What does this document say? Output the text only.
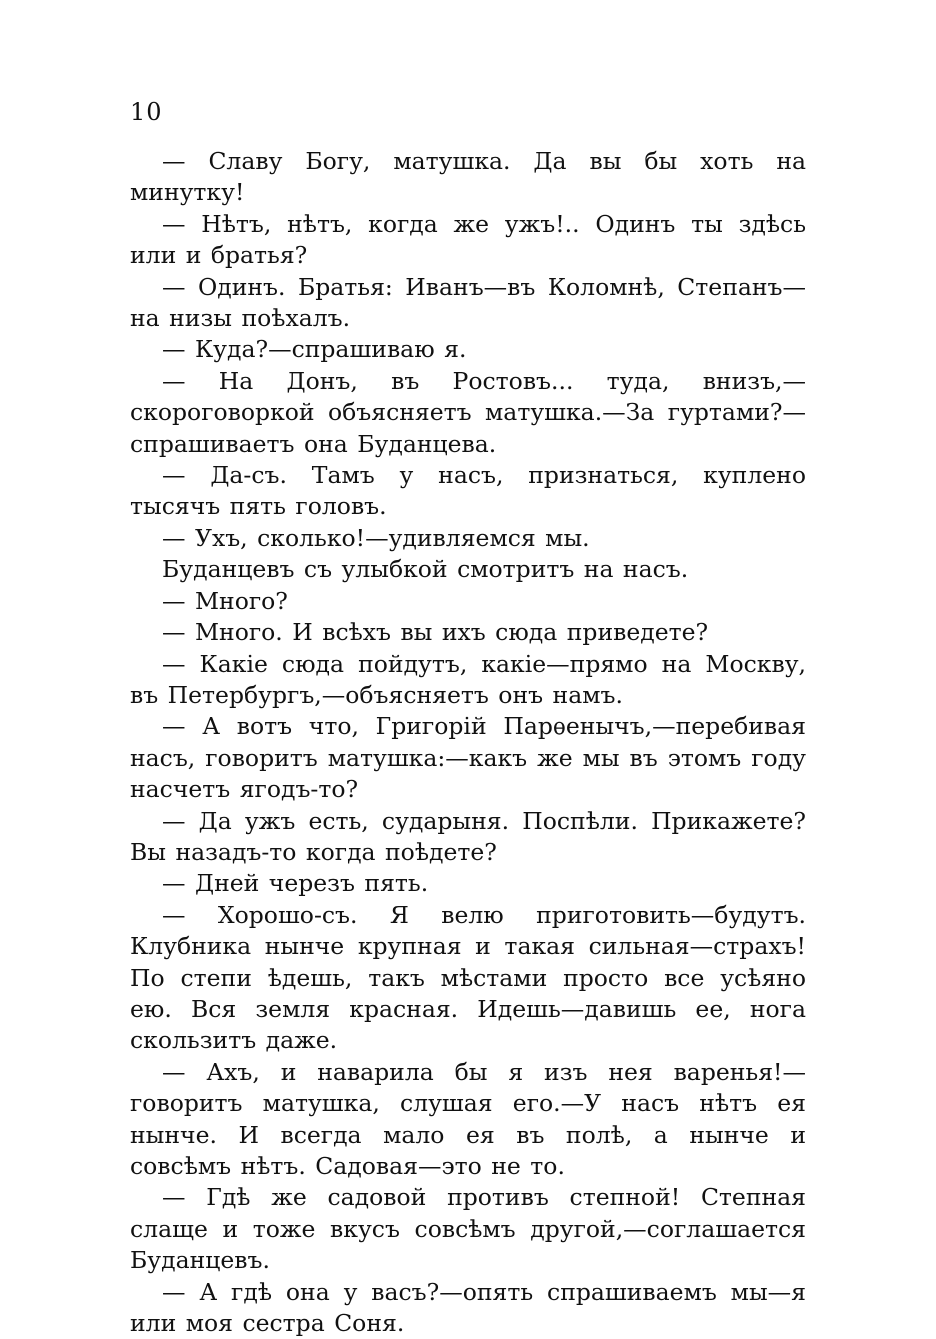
10

— Славу Богу, матушка. Да вы бы хоть на минутку!

— Нѣтъ, нѣтъ, когда же ужъ!.. Одинъ ты здѣсь или и братья?

— Одинъ. Братья: Иванъ—въ Коломнѣ, Степанъ—на низы поѣхалъ.

— Куда?—спрашиваю я.

— На Донъ, въ Ростовъ... туда, внизъ,—скороговоркой объясняетъ матушка.—За гуртами?—спрашиваетъ она Буданцева.

— Да-съ. Тамъ у насъ, признаться, куплено тысячъ пять головъ.

— Ухъ, сколько!—удивляемся мы.

Буданцевъ съ улыбкой смотритъ на насъ.

— Много?

— Много. И всѣхъ вы ихъ сюда приведете?

— Какіе сюда пойдутъ, какіе—прямо на Москву, въ Петербургъ,—объясняетъ онъ намъ.

— А вотъ что, Григорій Парѳенычъ,—перебивая насъ, говоритъ матушка:—какъ же мы въ этомъ году насчетъ ягодъ-то?

— Да ужъ есть, сударыня. Поспѣли. Прикажете? Вы назадъ-то когда поѣдете?

— Дней черезъ пять.

— Хорошо-съ. Я велю приготовить—будутъ. Клубника нынче крупная и такая сильная—страхъ! По степи ѣдешь, такъ мѣстами просто все усѣяно ею. Вся земля красная. Идешь—давишь ее, нога скользитъ даже.

— Ахъ, и наварила бы я изъ нея варенья!—говоритъ матушка, слушая его.—У насъ нѣтъ ея нынче. И всегда мало ея въ полѣ, а нынче и совсѣмъ нѣтъ. Садовая—это не то.

— Гдѣ же садовой противъ степной! Степная слаще и тоже вкусъ совсѣмъ другой,—соглашается Буданцевъ.

— А гдѣ она у васъ?—опять спрашиваемъ мы—я или моя сестра Соня.
